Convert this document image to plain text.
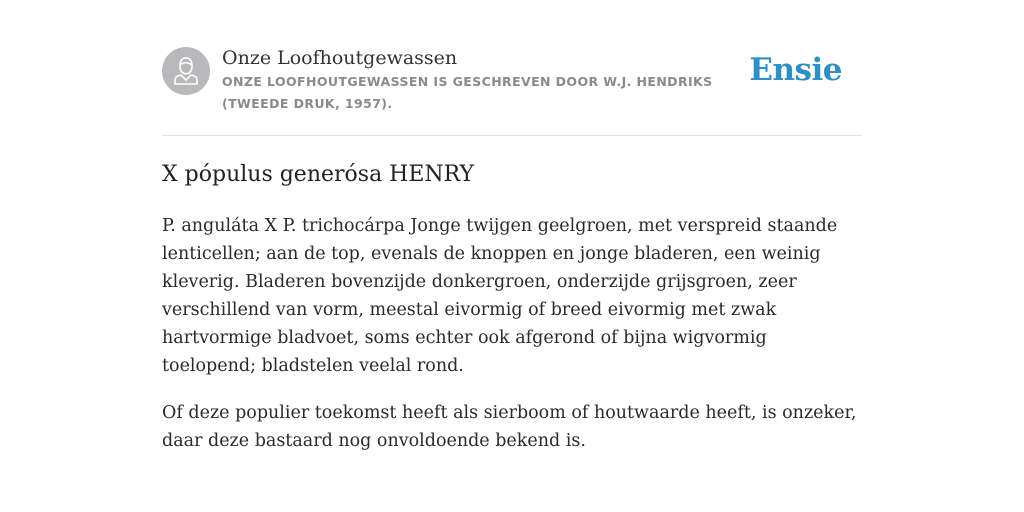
Onze Loofhoutgewassen
ONZE LOOFHOUTGEWASSEN IS GESCHREVEN DOOR W.J. HENDRIKS (TWEEDE DRUK, 1957).
Ensie
X pópulus generósa HENRY

P. anguláta X P. trichocárpa Jonge twijgen geelgroen, met verspreid staande lenticellen; aan de top, evenals de knoppen en jonge bladeren, een weinig kleverig. Bladeren bovenzijde donkergroen, onderzijde grijsgroen, zeer verschillend van vorm, meestal eivormig of breed eivormig met zwak hartvormige bladvoet, soms echter ook afgerond of bijna wigvormig toelopend; bladstelen veelal rond.

Of deze populier toekomst heeft als sierboom of houtwaarde heeft, is onzeker, daar deze bastaard nog onvoldoende bekend is.
